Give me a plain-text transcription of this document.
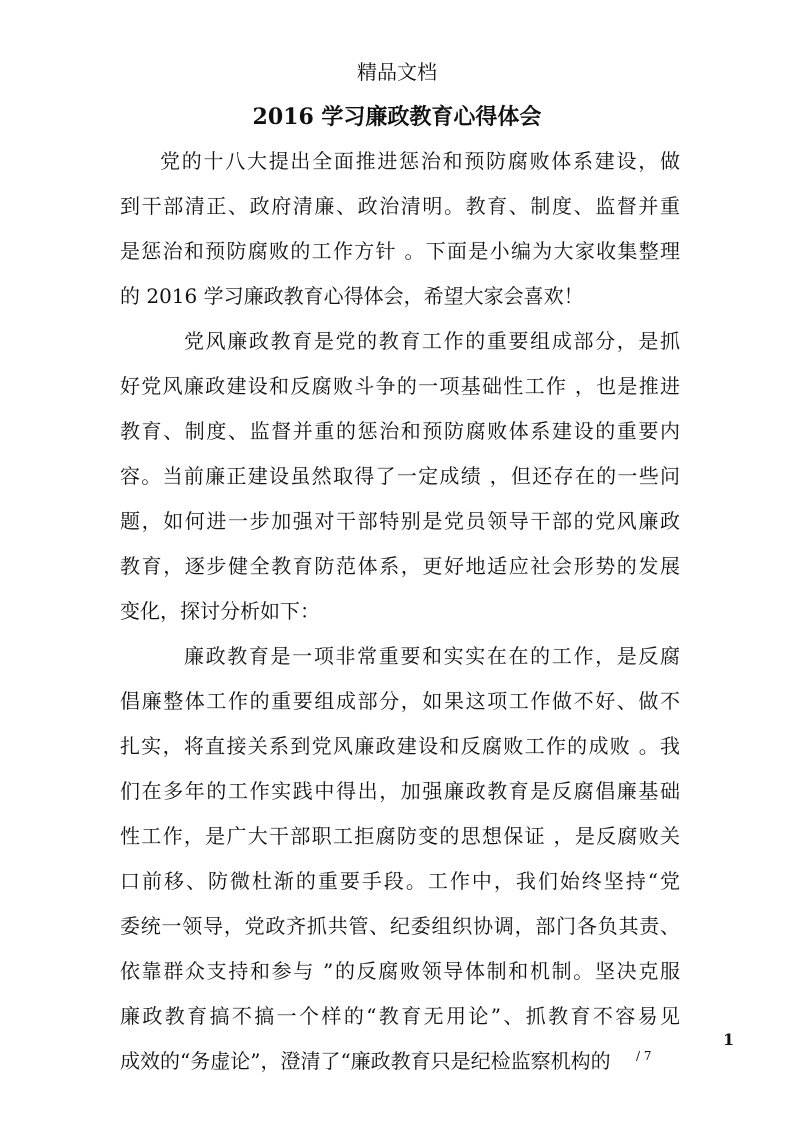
精品文档
2016 学习廉政教育心得体会
党的十八大提出全面推进惩治和预防腐败体系建设，做
到干部清正、政府清廉、政治清明。教育、制度、监督并重
是惩治和预防腐败的工作方针 。下面是小编为大家收集整理
的 2016 学习廉政教育心得体会，希望大家会喜欢！
党风廉政教育是党的教育工作的重要组成部分，是抓
好党风廉政建设和反腐败斗争的一项基础性工作 ，也是推进
教育、制度、监督并重的惩治和预防腐败体系建设的重要内
容。当前廉正建设虽然取得了一定成绩 ，但还存在的一些问
题，如何进一步加强对干部特别是党员领导干部的党风廉政
教育，逐步健全教育防范体系，更好地适应社会形势的发展
变化，探讨分析如下：
廉政教育是一项非常重要和实实在在的工作，是反腐
倡廉整体工作的重要组成部分，如果这项工作做不好、做不
扎实，将直接关系到党风廉政建设和反腐败工作的成败 。我
们在多年的工作实践中得出，加强廉政教育是反腐倡廉基础
性工作，是广大干部职工拒腐防变的思想保证 ，是反腐败关
口前移、防微杜渐的重要手段。工作中，我们始终坚持“党
委统一领导，党政齐抓共管、纪委组织协调，部门各负其责、
依靠群众支持和参与 ”的反腐败领导体制和机制。坚决克服
廉政教育搞不搞一个样的“教育无用论”、抓教育不容易见
成效的“务虚论”，澄清了“廉政教育只是纪检监察机构的
1
/ 7
